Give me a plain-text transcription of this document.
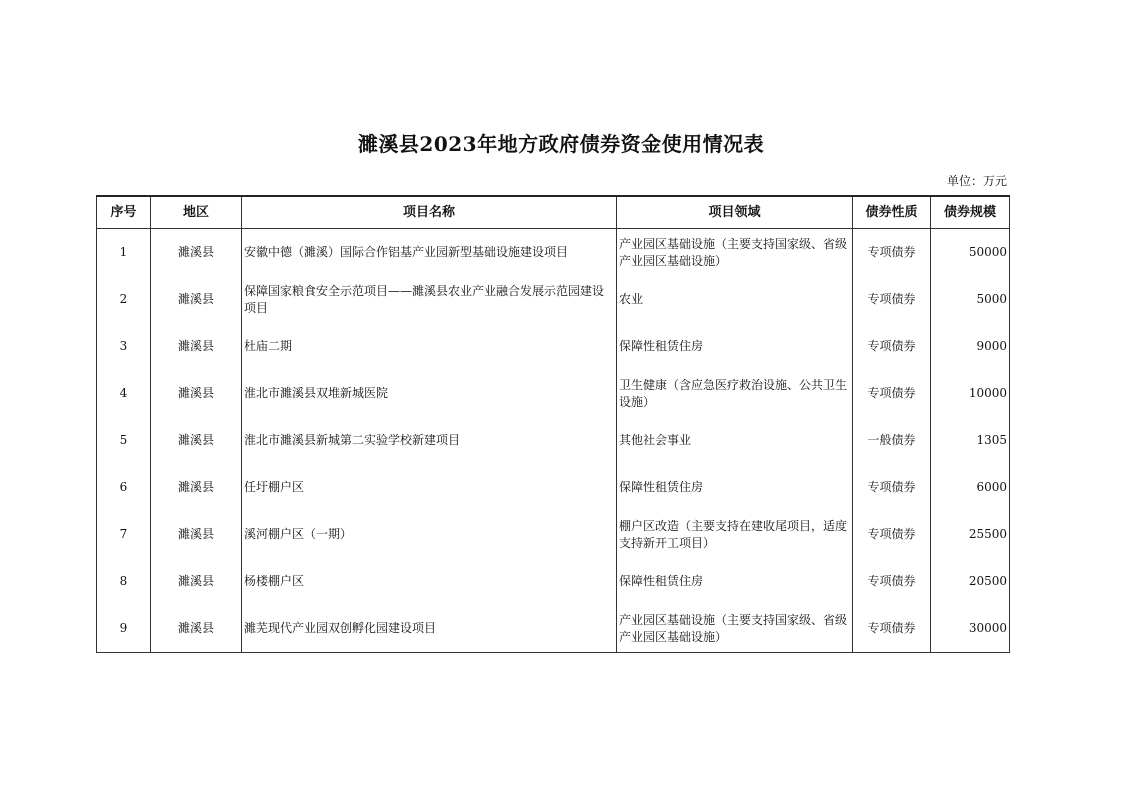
濉溪县2023年地方政府债券资金使用情况表
单位：万元
序号	地区	项目名称	项目领域	债券性质	债券规模
1	濉溪县	安徽中德（濉溪）国际合作铝基产业园新型基础设施建设项目	产业园区基础设施（主要支持国家级、省级产业园区基础设施）	专项债券	50000
2	濉溪县	保障国家粮食安全示范项目——濉溪县农业产业融合发展示范园建设项目	农业	专项债券	5000
3	濉溪县	杜庙二期	保障性租赁住房	专项债券	9000
4	濉溪县	淮北市濉溪县双堆新城医院	卫生健康（含应急医疗救治设施、公共卫生设施）	专项债券	10000
5	濉溪县	淮北市濉溪县新城第二实验学校新建项目	其他社会事业	一般债券	1305
6	濉溪县	任圩棚户区	保障性租赁住房	专项债券	6000
7	濉溪县	溪河棚户区（一期）	棚户区改造（主要支持在建收尾项目，适度支持新开工项目）	专项债券	25500
8	濉溪县	杨楼棚户区	保障性租赁住房	专项债券	20500
9	濉溪县	濉芜现代产业园双创孵化园建设项目	产业园区基础设施（主要支持国家级、省级产业园区基础设施）	专项债券	30000
